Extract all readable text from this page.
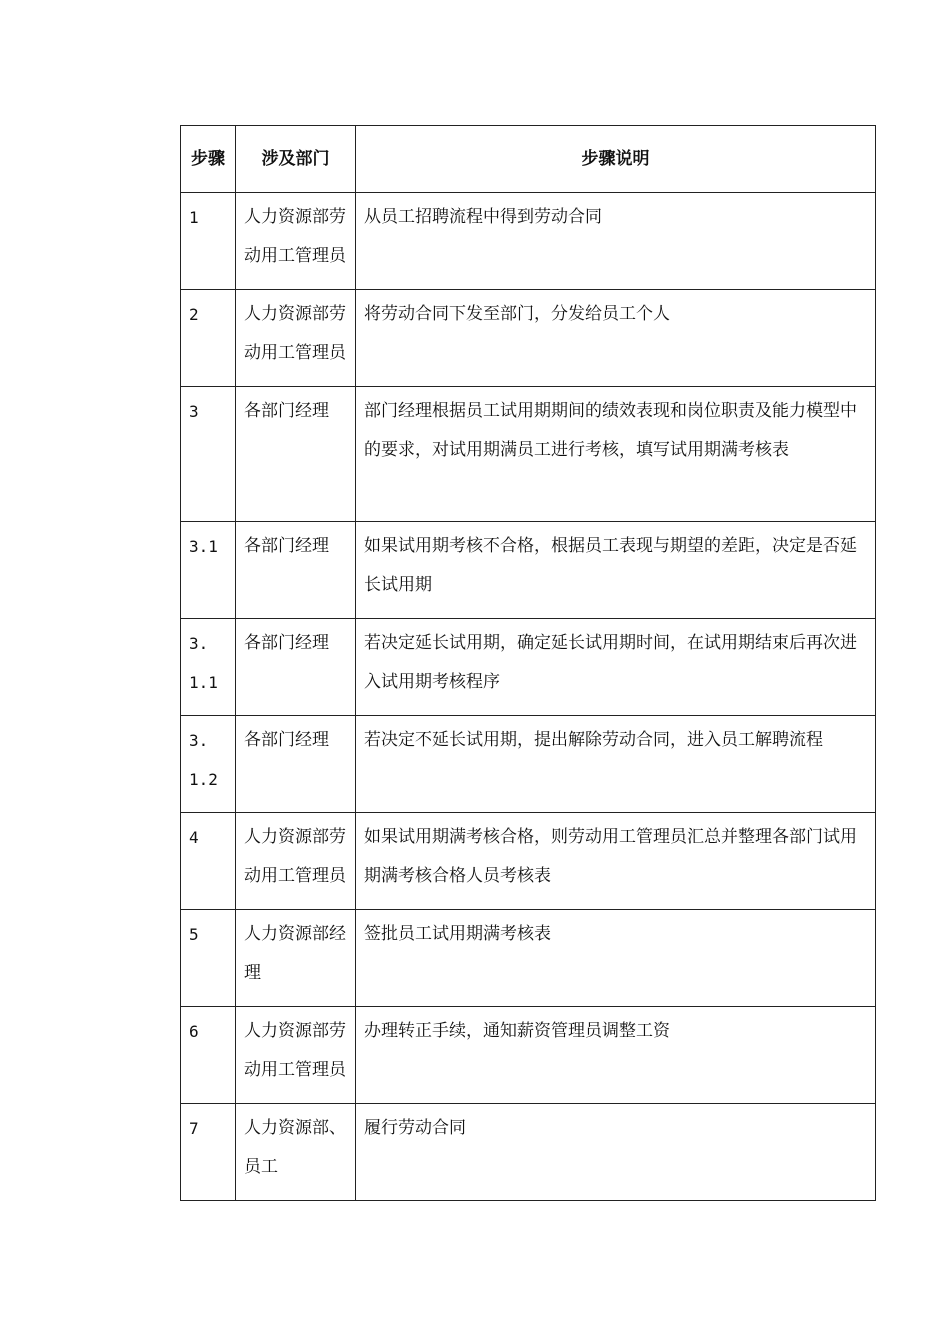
步骤	涉及部门	步骤说明
1	人力资源部劳动用工管理员	从员工招聘流程中得到劳动合同
2	人力资源部劳动用工管理员	将劳动合同下发至部门，分发给员工个人
3	各部门经理	部门经理根据员工试用期期间的绩效表现和岗位职责及能力模型中的要求，对试用期满员工进行考核，填写试用期满考核表
3.1	各部门经理	如果试用期考核不合格，根据员工表现与期望的差距，决定是否延长试用期
3.1.1	各部门经理	若决定延长试用期，确定延长试用期时间，在试用期结束后再次进入试用期考核程序
3.1.2	各部门经理	若决定不延长试用期，提出解除劳动合同，进入员工解聘流程
4	人力资源部劳动用工管理员	如果试用期满考核合格，则劳动用工管理员汇总并整理各部门试用期满考核合格人员考核表
5	人力资源部经理	签批员工试用期满考核表
6	人力资源部劳动用工管理员	办理转正手续，通知薪资管理员调整工资
7	人力资源部、员工	履行劳动合同
